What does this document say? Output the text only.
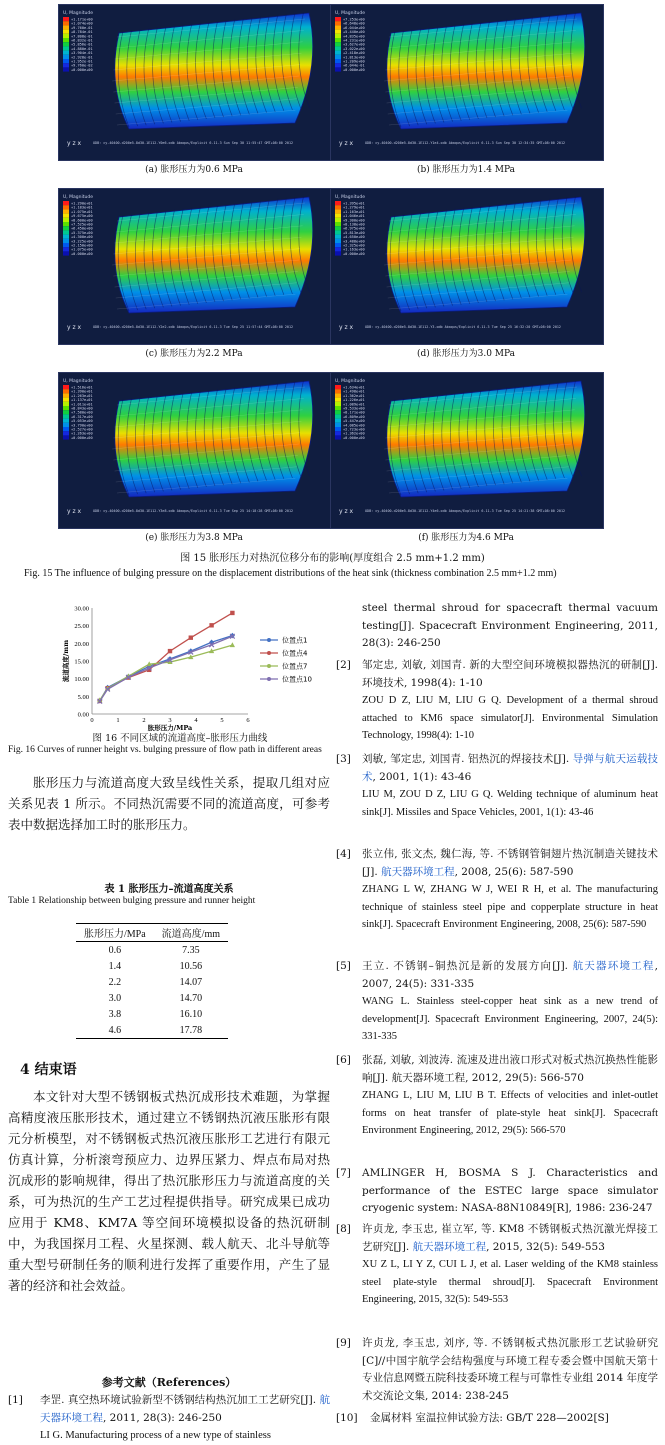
U, Magnitude
+1.171e+00
+1.074e+00
+9.760e-01
+8.784e-01
+7.808e-01
+6.832e-01
+5.856e-01
+4.880e-01
+3.904e-01
+2.928e-01
+1.952e-01
+9.760e-02
+0.000e+00
y z x	ODB: cy-40400-d200e5-8d30-1E112-Y0e6.odb Abaqus/Explicit 6.11-3 Sun Sep 30 11:55:47 GMT+08:00 2012
(a) 胀形压力为0.6 MPa
U, Magnitude
+7.253e+00
+6.648e+00
+6.044e+00
+5.440e+00
+4.835e+00
+4.231e+00
+3.627e+00
+3.022e+00
+2.418e+00
+1.813e+00
+1.209e+00
+6.044e-01
+0.000e+00
y z x	ODB: cy-40400-d200e5-8d30-1E112-Y1e4.odb Abaqus/Explicit 6.11-3 Sun Sep 30 12:34:35 GMT+08:00 2012
(b) 胀形压力为1.4 MPa
U, Magnitude
+1.290e+01
+1.183e+01
+1.075e+01
+9.675e+00
+8.600e+00
+7.525e+00
+6.450e+00
+5.375e+00
+4.300e+00
+3.225e+00
+2.150e+00
+1.075e+00
+0.000e+00
y z x	ODB: cy-40400-d200e5-8d30-1E112-Y2e2.odb Abaqus/Explicit 6.11-3 Tue Sep 25 11:57:44 GMT+08:00 2012
(c) 胀形压力为2.2 MPa
U, Magnitude
+1.395e+01
+1.279e+01
+1.163e+01
+1.046e+01
+9.300e+00
+8.138e+00
+6.975e+00
+5.813e+00
+4.650e+00
+3.488e+00
+2.325e+00
+1.163e+00
+0.000e+00
y z x	ODB: cy-40400-d200e5-8d30-1E112-Y3.odb Abaqus/Explicit 6.11-3 Tue Sep 25 16:32:20 GMT+08:00 2012
(d) 胀形压力为3.0 MPa
U, Magnitude
+1.516e+01
+1.390e+01
+1.263e+01
+1.137e+01
+1.011e+01
+8.843e+00
+7.580e+00
+6.317e+00
+5.053e+00
+3.790e+00
+2.527e+00
+1.263e+00
+0.000e+00
y z x	ODB: cy-40400-d200e5-8d30-1E112-Y3e8.odb Abaqus/Explicit 6.11-3 Tue Sep 25 14:18:28 GMT+08:00 2012
(e) 胀形压力为3.8 MPa
U, Magnitude
+1.634e+01
+1.498e+01
+1.362e+01
+1.226e+01
+1.089e+01
+9.533e+00
+8.171e+00
+6.809e+00
+5.447e+00
+4.085e+00
+2.723e+00
+1.362e+00
+0.000e+00
y z x	ODB: cy-40400-d200e5-8d30-1E112-Y4e6.odb Abaqus/Explicit 6.11-3 Tue Sep 25 14:21:38 GMT+08:00 2012
(f) 胀形压力为4.6 MPa
图 15 胀形压力对热沉位移分布的影响(厚度组合 2.5 mm+1.2 mm)
Fig. 15 The influence of bulging pressure on the displacement distributions of the heat sink (thickness combination 2.5 mm+1.2 mm)
0.00
5.00
10.00
15.00
20.00
25.00
30.00
0	1	2	3	4	5	6
胀形压力/MPa
流道高度/mm	位置点1
位置点4
位置点7
位置点10
图 16 不同区域的流道高度–胀形压力曲线
Fig. 16 Curves of runner height vs. bulging pressure of flow path in different areas

胀形压力与流道高度大致呈线性关系，提取几组对应关系见表 1 所示。不同热沉需要不同的流道高度，可参考表中数据选择加工时的胀形压力。

表 1 胀形压力–流道高度关系
Table 1 Relationship between bulging pressure and runner height
胀形压力/MPa	流道高度/mm
0.6	7.35
1.4	10.56
2.2	14.07
3.0	14.70
3.8	16.10
4.6	17.78
4 结束语

本文针对大型不锈钢板式热沉成形技术难题，为掌握高精度液压胀形技术，通过建立不锈钢热沉液压胀形有限元分析模型，对不锈钢板式热沉液压胀形工艺进行有限元仿真计算，分析滚弯预应力、边界压紧力、焊点布局对热沉成形的影响规律，得出了热沉胀形压力与流道高度的关系，可为热沉的生产工艺过程提供指导。研究成果已成功应用于 KM8、KM7A 等空间环境模拟设备的热沉研制中，为我国探月工程、火星探测、载人航天、北斗导航等重大型号研制任务的顺利进行发挥了重要作用，产生了显著的经济和社会效益。

参考文献（References）
[1] 李罡. 真空热环境试验新型不锈钢结构热沉加工工艺研究[J]. 航天器环境工程, 2011, 28(3): 246-250
LI G. Manufacturing process of a new type of stainless
steel thermal shroud for spacecraft thermal vacuum testing[J]. Spacecraft Environment Engineering, 2011, 28(3): 246-250
[2] 邹定忠, 刘敏, 刘国青. 新的大型空间环境模拟器热沉的研制[J]. 环境技术, 1998(4): 1-10
ZOU D Z, LIU M, LIU G Q. Development of a thermal shroud attached to KM6 space simulator[J]. Environmental Simulation Technology, 1998(4): 1-10
[3] 刘敏, 邹定忠, 刘国青. 铝热沉的焊接技术[J]. 导弹与航天运载技术, 2001, 1(1): 43-46
LIU M, ZOU D Z, LIU G Q. Welding technique of aluminum heat sink[J]. Missiles and Space Vehicles, 2001, 1(1): 43-46
[4] 张立伟, 张文杰, 魏仁海, 等. 不锈钢管铜翅片热沉制造关键技术[J]. 航天器环境工程, 2008, 25(6): 587-590
ZHANG L W, ZHANG W J, WEI R H, et al. The manufacturing technique of stainless steel pipe and copperplate structure in heat sink[J]. Spacecraft Environment Engineering, 2008, 25(6): 587-590
[5] 王立. 不锈钢–铜热沉是新的发展方向[J]. 航天器环境工程, 2007, 24(5): 331-335
WANG L. Stainless steel-copper heat sink as a new trend of development[J]. Spacecraft Environment Engineering, 2007, 24(5): 331-335
[6] 张磊, 刘敏, 刘波涛. 流速及进出液口形式对板式热沉换热性能影响[J]. 航天器环境工程, 2012, 29(5): 566-570
ZHANG L, LIU M, LIU B T. Effects of velocities and inlet-outlet forms on heat transfer of plate-style heat sink[J]. Spacecraft Environment Engineering, 2012, 29(5): 566-570
[7] AMLINGER H, BOSMA S J. Characteristics and performance of the ESTEC large space simulator cryogenic system: NASA-88N10849[R], 1986: 236-247
[8] 许贞龙, 李玉忠, 崔立军, 等. KM8 不锈钢板式热沉激光焊接工艺研究[J]. 航天器环境工程, 2015, 32(5): 549-553
XU Z L, LI Y Z, CUI L J, et al. Laser welding of the KM8 stainless steel plate-style thermal shroud[J]. Spacecraft Environment Engineering, 2015, 32(5): 549-553
[9] 许贞龙, 李玉忠, 刘序, 等. 不锈钢板式热沉胀形工艺试验研究[C]//中国宇航学会结构强度与环境工程专委会暨中国航天第十专业信息网暨五院科技委环境工程与可靠性专业组 2014 年度学术交流论文集, 2014: 238-245
[10] 金属材料 室温拉伸试验方法: GB/T 228—2002[S]
